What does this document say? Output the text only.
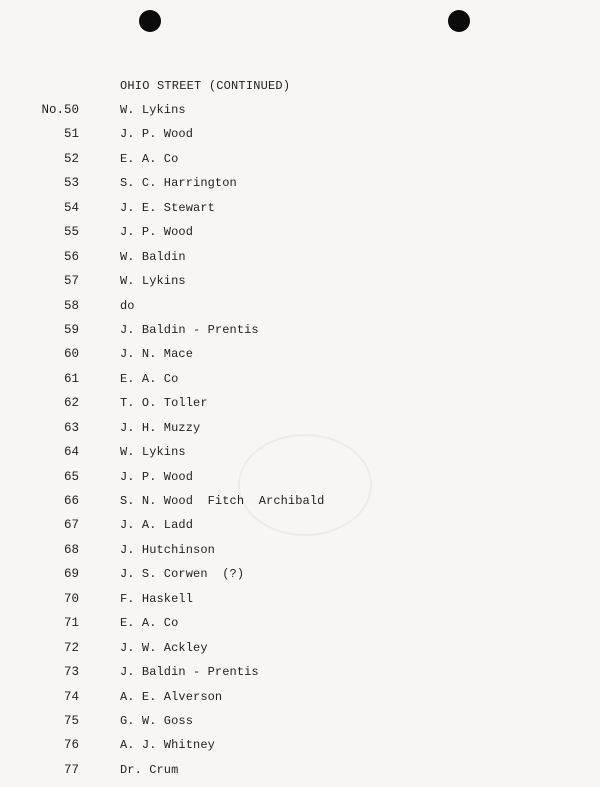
OHIO STREET (CONTINUED)
No.50	W. Lykins
51	J. P. Wood
52	E. A. Co
53	S. C. Harrington
54	J. E. Stewart
55	J. P. Wood
56	W. Baldin
57	W. Lykins
58	do
59	J. Baldin - Prentis
60	J. N. Mace
61	E. A. Co
62	T. O. Toller
63	J. H. Muzzy
64	W. Lykins
65	J. P. Wood
66	S. N. Wood  Fitch  Archibald
67	J. A. Ladd
68	J. Hutchinson
69	J. S. Corwen  (?)
70	F. Haskell
71	E. A. Co
72	J. W. Ackley
73	J. Baldin - Prentis
74	A. E. Alverson
75	G. W. Goss
76	A. J. Whitney
77	Dr. Crum
